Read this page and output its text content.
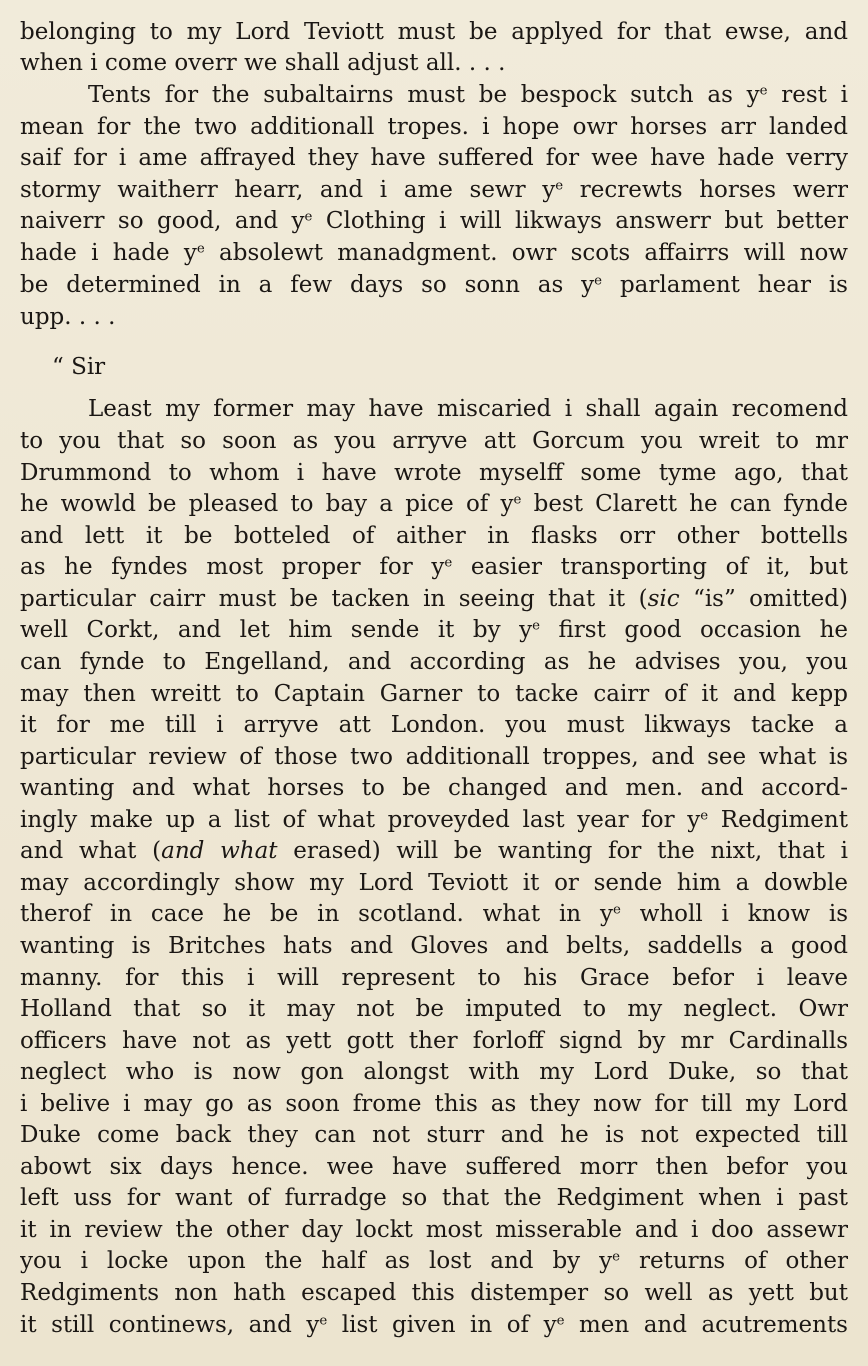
belonging to my Lord Teviott must be applyed for that ewse, and
when i come overr we shall adjust all. . . .
Tents for the subaltairns must be bespock sutch as $y^e$ rest i
mean for the two additionall tropes. i hope owr horses arr landed
saif for i ame affrayed they have suffered for wee have hade verry
stormy waitherr hearr, and i ame sewr $y^e$ recrewts horses werr
naiverr so good, and $y^e$ Clothing i will likways answerr but better
hade i hade $y^e$ absolewt manadgment. owr scots affairrs will now
be determined in a few days so sonn as $y^e$ parlament hear is
upp. . . .
“ Sir
Least my former may have miscaried i shall again recomend
to you that so soon as you arryve att Gorcum you wreit to mr
Drummond to whom i have wrote myselff some tyme ago, that
he wowld be pleased to bay a pice of $y^e$ best Clarett he can fynde
and lett it be botteled of aither in flasks orr other bottells
as he fyndes most proper for $y^e$ easier transporting of it, but
particular cairr must be tacken in seeing that it (sic “is” omitted)
well Corkt, and let him sende it by $y^e$ first good occasion he
can fynde to Engelland, and according as he advises you, you
may then wreitt to Captain Garner to tacke cairr of it and kepp
it for me till i arryve att London. you must likways tacke a
particular review of those two additionall troppes, and see what is
wanting and what horses to be changed and men. and accord-
ingly make up a list of what proveyded last year for $y^e$ Redgiment
and what (and what erased) will be wanting for the nixt, that i
may accordingly show my Lord Teviott it or sende him a dowble
therof in cace he be in scotland. what in $y^e$ wholl i know is
wanting is Britches hats and Gloves and belts, saddells a good
manny. for this i will represent to his Grace befor i leave
Holland that so it may not be imputed to my neglect. Owr
officers have not as yett gott ther forloff signd by mr Cardinalls
neglect who is now gon alongst with my Lord Duke, so that
i belive i may go as soon frome this as they now for till my Lord
Duke come back they can not sturr and he is not expected till
abowt six days hence. wee have suffered morr then befor you
left uss for want of furradge so that the Redgiment when i past
it in review the other day lockt most misserable and i doo assewr
you i locke upon the half as lost and by $y^e$ returns of other
Redgiments non hath escaped this distemper so well as yett but
it still continews, and $y^e$ list given in of $y^e$ men and acutrements
